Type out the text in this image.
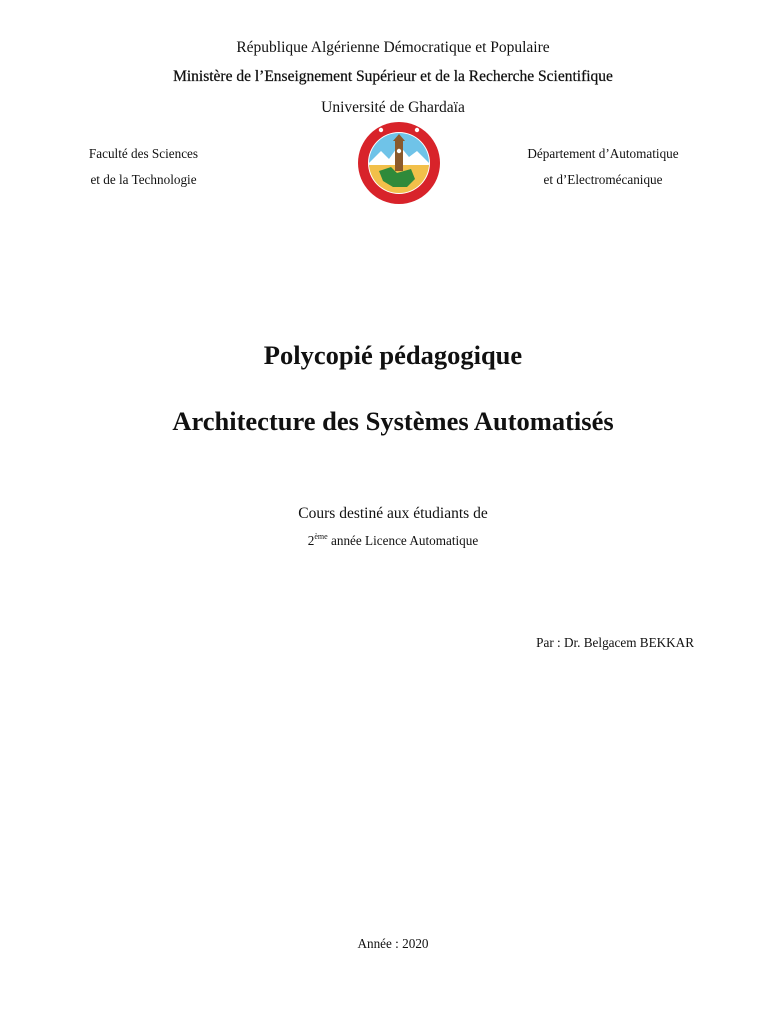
République Algérienne Démocratique et Populaire
Ministère de l’Enseignement Supérieur et de la Recherche Scientifique
Université de Ghardaïa
Faculté des Sciences
et de la Technologie
Département d’Automatique
et d’Electromécanique
Polycopié pédagogique
Architecture des Systèmes Automatisés
Cours destiné aux étudiants de
2ème année Licence Automatique
Par : Dr. Belgacem BEKKAR
Année : 2020
